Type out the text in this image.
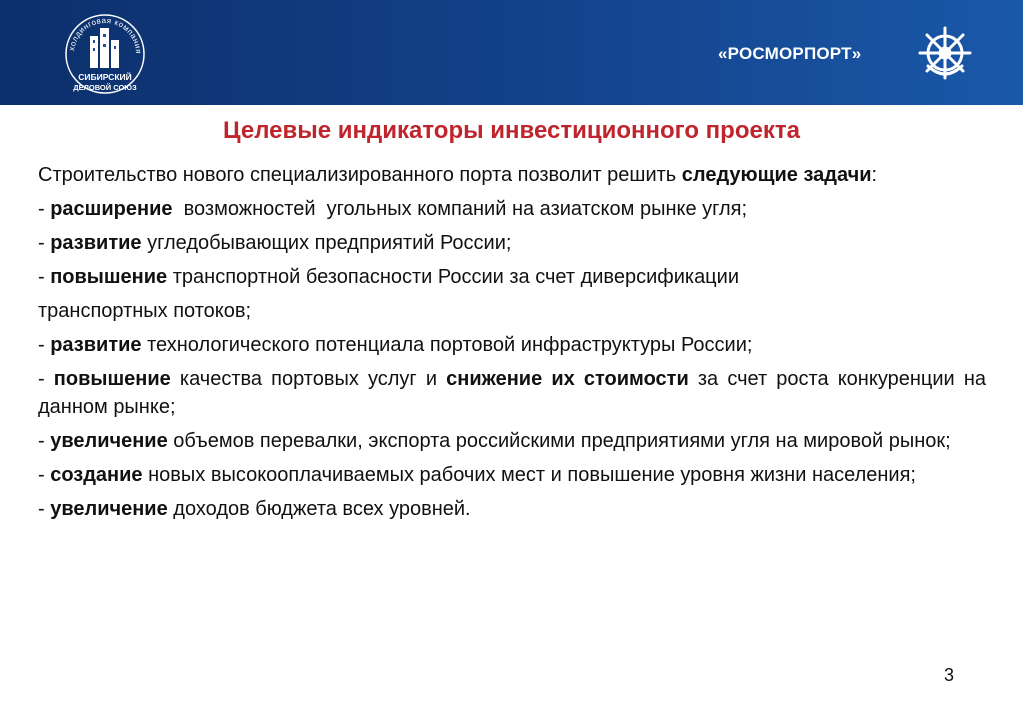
холдинговая компания
СИБИРСКИЙ
ДЕЛОВОЙ СОЮЗ
«РОСМОРПОРТ»
Целевые индикаторы инвестиционного проекта

Строительство нового специализированного порта позволит решить следующие задачи:

- расширение  возможностей  угольных компаний на азиатском рынке угля;

- развитие угледобывающих предприятий России;

- повышение транспортной безопасности России за счет диверсификации

транспортных потоков;

- развитие технологического потенциала портовой инфраструктуры России;

- повышение качества портовых услуг и снижение их стоимости за счет роста конкуренции на данном рынке;

- увеличение объемов перевалки, экспорта российскими предприятиями угля на мировой рынок;

- создание новых высокооплачиваемых рабочих мест и повышение уровня жизни населения;

- увеличение доходов бюджета всех уровней.

3
